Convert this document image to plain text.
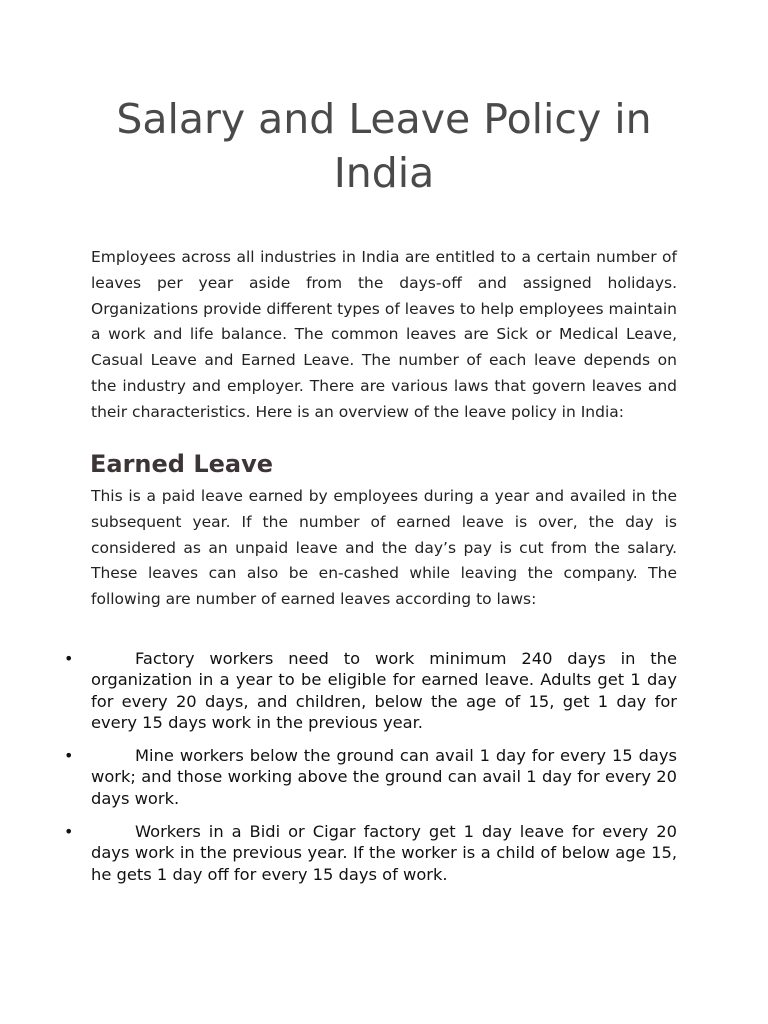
Salary and Leave Policy in India

Employees across all industries in India are entitled to a certain number of leaves per year aside from the days-off and assigned holidays. Organizations provide different types of leaves to help employees maintain a work and life balance. The common leaves are Sick or Medical Leave, Casual Leave and Earned Leave. The number of each leave depends on the industry and employer. There are various laws that govern leaves and their characteristics. Here is an overview of the leave policy in India:

Earned Leave

This is a paid leave earned by employees during a year and availed in the subsequent year. If the number of earned leave is over, the day is considered as an unpaid leave and the day’s pay is cut from the salary. These leaves can also be en-cashed while leaving the company. The following are number of earned leaves according to laws:

•	Factory workers need to work minimum 240 days in the organization in a year to be eligible for earned leave. Adults get 1 day for every 20 days, and children, below the age of 15, get 1 day for every 15 days work in the previous year.
•	Mine workers below the ground can avail 1 day for every 15 days work; and those working above the ground can avail 1 day for every 20 days work.
•	Workers in a Bidi or Cigar factory get 1 day leave for every 20 days work in the previous year. If the worker is a child of below age 15, he gets 1 day off for every 15 days of work.
